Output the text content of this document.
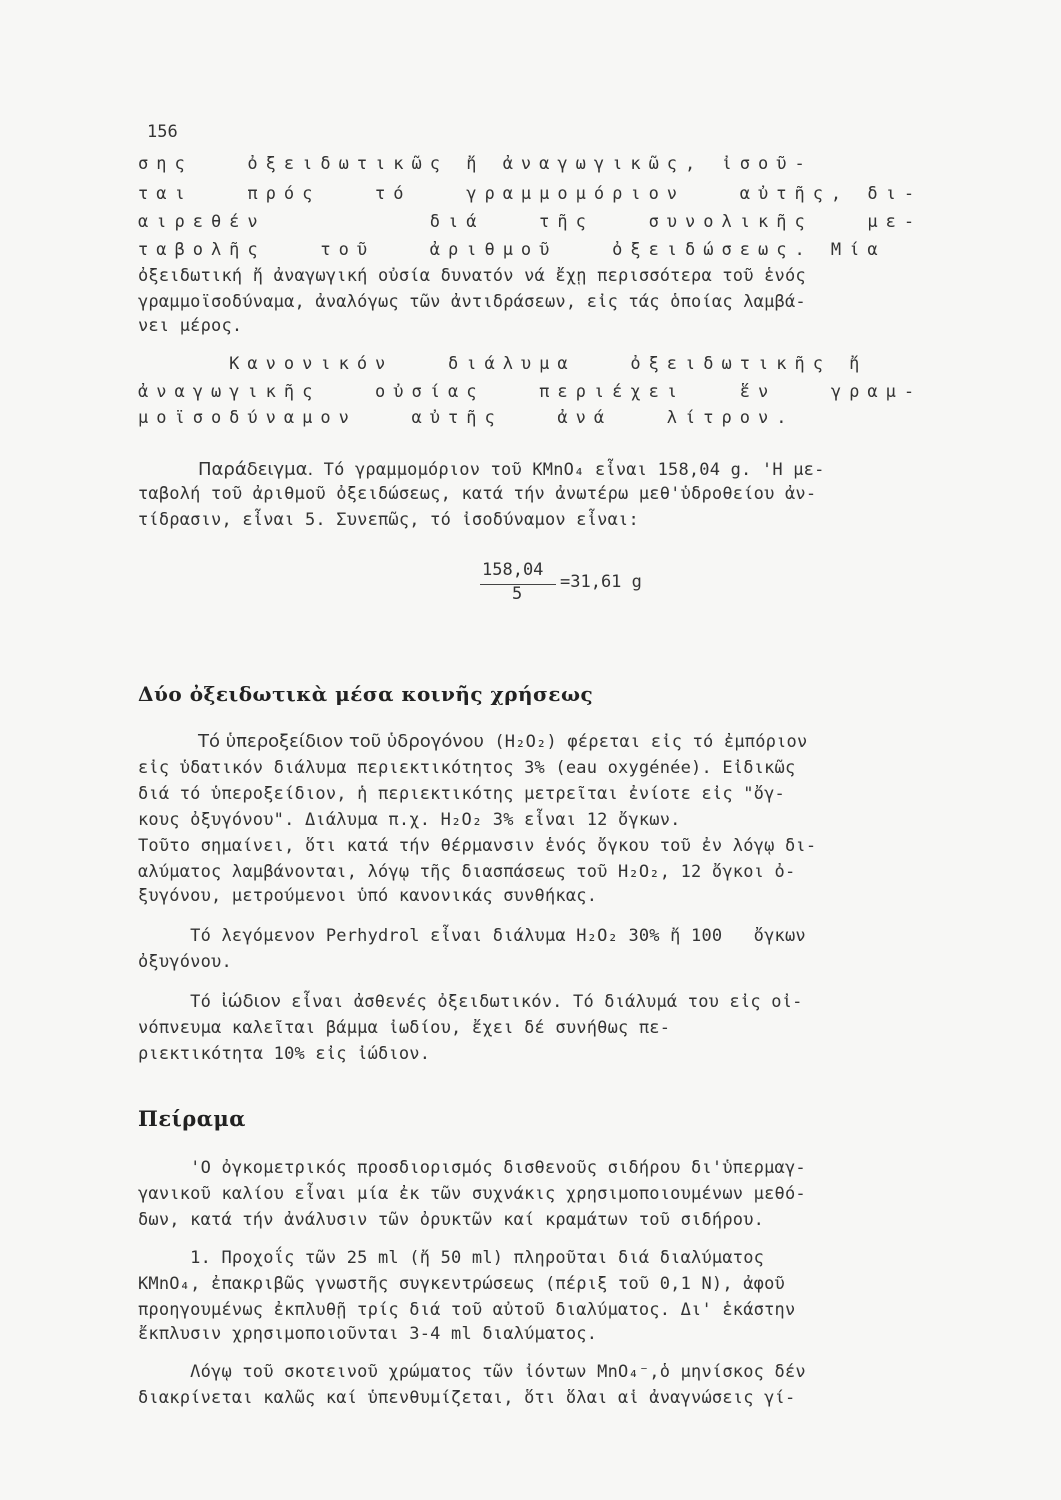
156
σης   ὀξειδωτικῶς ἤ ἀναγωγικῶς, ἰσοῦ-
ται   πρός   τό   γραμμομόριον   αὐτῆς, δι-
αιρεθέν         διά   τῆς   συνολικῆς   με-
ταβολῆς   τοῦ   ἀριθμοῦ   ὀξειδώσεως. Μία
ὀξειδωτική ἤ ἀναγωγική οὐσία δυνατόν νά ἔχῃ περισσότερα τοῦ ἑνός
γραμμοϊσοδύναμα, ἀναλόγως τῶν ἀντιδράσεων, εἰς τάς ὁποίας λαμβά-
νει μέρος.
Κανονικόν   διάλυμα   ὀξειδωτικῆς ἤ
ἀναγωγικῆς   οὐσίας   περιέχει   ἕν   γραμ-
μοϊσοδύναμον   αὐτῆς   ἀνά   λίτρον.
Παράδειγμα. Τό γραμμομόριον τοῦ KMnO₄ εἶναι 158,04 g. 'Η με-
ταβολή τοῦ ἀριθμοῦ ὀξειδώσεως, κατά τήν ἀνωτέρω μεθ'ὑδροθείου ἀν-
τίδρασιν, εἶναι 5. Συνεπῶς, τό ἰσοδύναμον εἶναι:
158,04
5
=31,61 g
Δύο ὀξειδωτικὰ μέσα κοινῆς χρήσεως
Τό ὑπεροξείδιον τοῦ ὑδρογόνου (H₂O₂) φέρεται εἰς τό ἐμπόριον
εἰς ὑδατικόν διάλυμα περιεκτικότητος 3% (eau oxygénée). Εἰδικῶς
διά τό ὑπεροξείδιον, ἡ περιεκτικότης μετρεῖται ἐνίοτε εἰς "ὄγ-
κους ὀξυγόνου". Διάλυμα π.χ. H₂O₂ 3% εἶναι 12 ὄγκων.
Τοῦτο σημαίνει, ὅτι κατά τήν θέρμανσιν ἑνός ὄγκου τοῦ ἐν λόγῳ δι-
αλύματος λαμβάνονται, λόγῳ τῆς διασπάσεως τοῦ H₂O₂, 12 ὄγκοι ὀ-
ξυγόνου, μετρούμενοι ὑπό κανονικάς συνθήκας.
Τό λεγόμενον Perhydrol εἶναι διάλυμα H₂O₂ 30% ἤ 100   ὄγκων
ὀξυγόνου.
Τό ἰώδιον εἶναι ἀσθενές ὀξειδωτικόν. Τό διάλυμά του εἰς οἰ-
νόπνευμα καλεῖται βάμμα ἰωδίου, ἔχει δέ συνήθως πε-
ριεκτικότητα 10% εἰς ἰώδιον.
Πείραμα
'Ο ὀγκομετρικός προσδιορισμός δισθενοῦς σιδήρου δι'ὑπερμαγ-
γανικοῦ καλίου εἶναι μία ἐκ τῶν συχνάκις χρησιμοποιουμένων μεθό-
δων, κατά τήν ἀνάλυσιν τῶν ὀρυκτῶν καί κραμάτων τοῦ σιδήρου.
1. Προχοΐς τῶν 25 ml (ἤ 50 ml) πληροῦται διά διαλύματος
KMnO₄, ἐπακριβῶς γνωστῆς συγκεντρώσεως (πέριξ τοῦ 0,1 N), ἀφοῦ
προηγουμένως ἐκπλυθῇ τρίς διά τοῦ αὐτοῦ διαλύματος. Δι' ἑκάστην
ἔκπλυσιν χρησιμοποιοῦνται 3-4 ml διαλύματος.
Λόγῳ τοῦ σκοτεινοῦ χρώματος τῶν ἰόντων MnO₄⁻,ὁ μηνίσκος δέν
διακρίνεται καλῶς καί ὑπενθυμίζεται, ὅτι ὅλαι αἱ ἀναγνώσεις γί-
